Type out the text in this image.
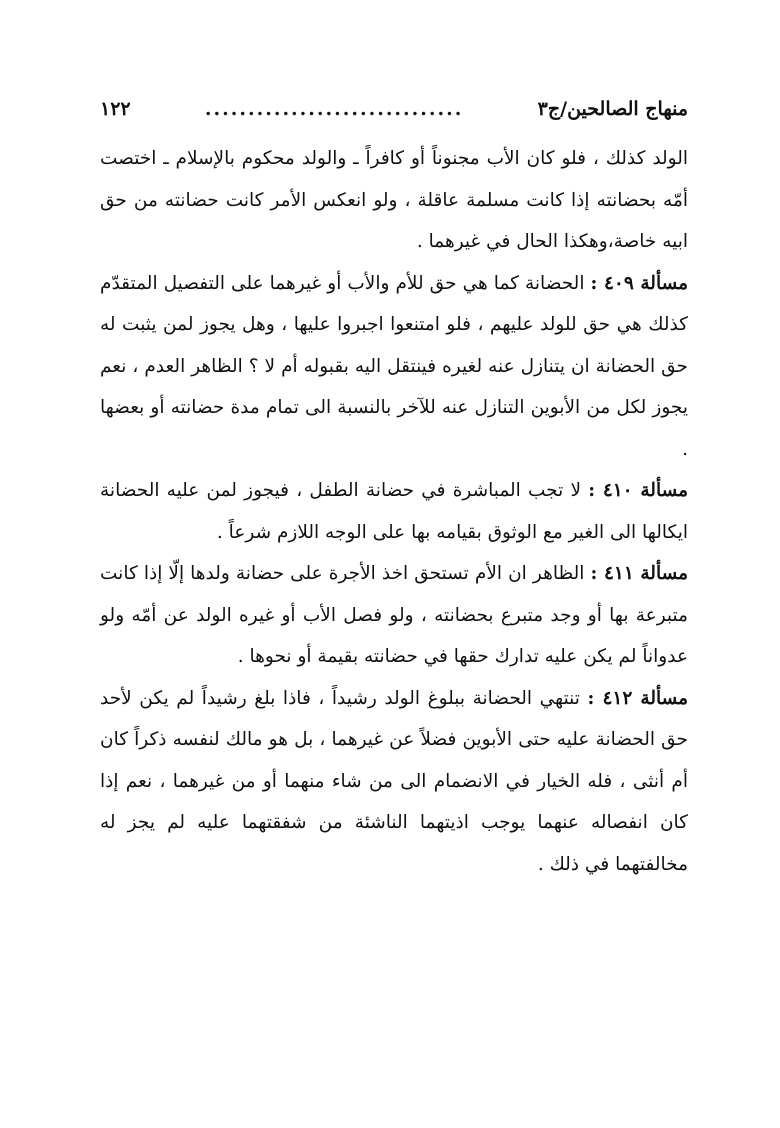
منهاج الصالحين/ج٣
..............................
١٢٢

الولد كذلك ، فلو كان الأب مجنوناً أو كافراً ـ والولد محكوم بالإسلام ـ اختصت أمّه بحضانته إذا كانت مسلمة عاقلة ، ولو انعكس الأمر كانت حضانته من حق ابيه خاصة،وهكذا الحال في غيرهما .

مسألة ٤٠٩ : الحضانة كما هي حق للأم والأب أو غيرهما على التفصيل المتقدّم كذلك هي حق للولد عليهم ، فلو امتنعوا اجبروا عليها ، وهل يجوز لمن يثبت له حق الحضانة ان يتنازل عنه لغيره فينتقل اليه بقبوله أم لا ؟ الظاهر العدم ، نعم يجوز لكل من الأبوين التنازل عنه للآخر بالنسبة الى تمام مدة حضانته أو بعضها .

مسألة ٤١٠ : لا تجب المباشرة في حضانة الطفل ، فيجوز لمن عليه الحضانة ايكالها الى الغير مع الوثوق بقيامه بها على الوجه اللازم شرعاً .

مسألة ٤١١ : الظاهر ان الأم تستحق اخذ الأجرة على حضانة ولدها إلّا إذا كانت متبرعة بها أو وجد متبرع بحضانته ، ولو فصل الأب أو غيره الولد عن أمّه ولو عدواناً لم يكن عليه تدارك حقها في حضانته بقيمة أو نحوها .

مسألة ٤١٢ : تنتهي الحضانة ببلوغ الولد رشيداً ، فاذا بلغ رشيداً لم يكن لأحد حق الحضانة عليه حتى الأبوين فضلاً عن غيرهما ، بل هو مالك لنفسه ذكراً كان أم أنثى ، فله الخيار في الانضمام الى من شاء منهما أو من غيرهما ، نعم إذا كان انفصاله عنهما يوجب اذيتهما الناشئة من شفقتهما عليه لم يجز له مخالفتهما في ذلك .
